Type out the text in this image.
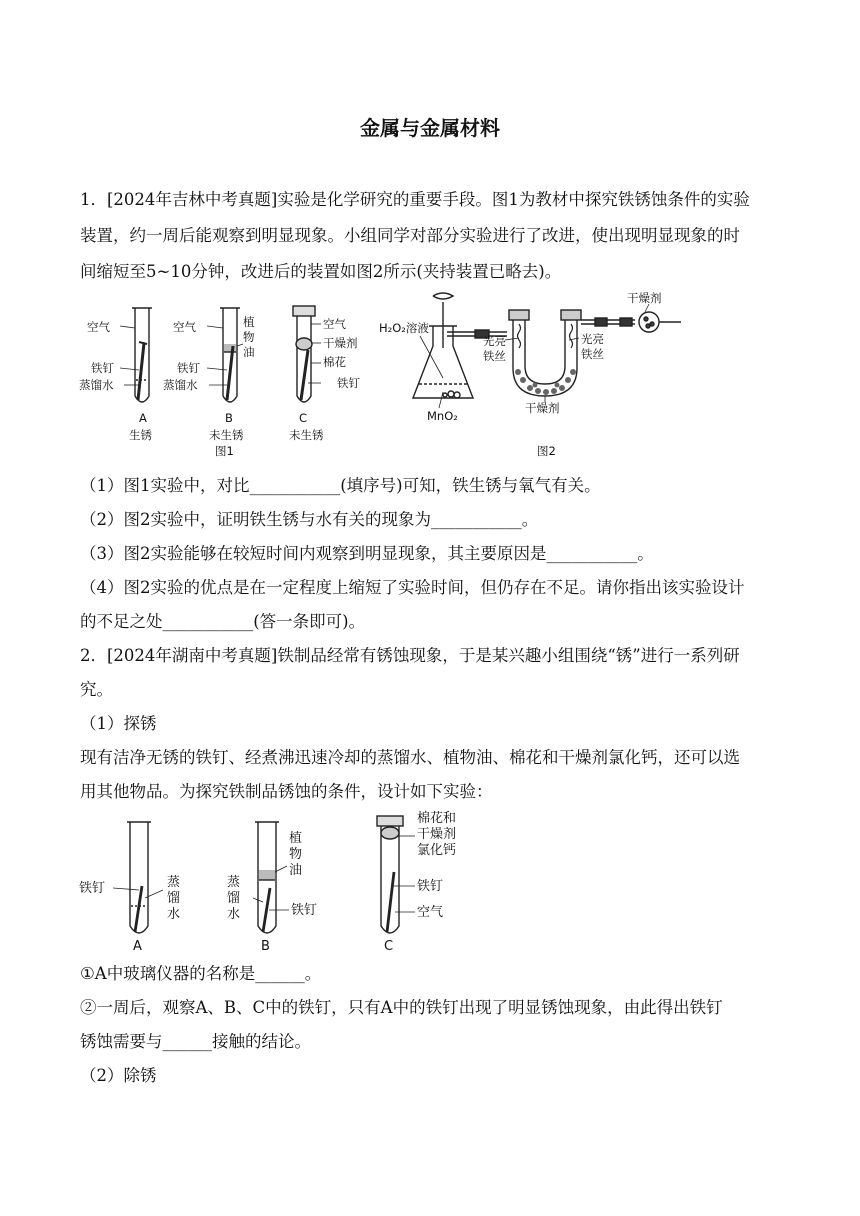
金属与金属材料
1．[2024年吉林中考真题]实验是化学研究的重要手段。图1为教材中探究铁锈蚀条件的实验
装置，约一周后能观察到明显现象。小组同学对部分实验进行了改进，使出现明显现象的时
间缩短至5~10分钟，改进后的装置如图2所示(夹持装置已略去)。
空气
铁钉
蒸馏水
A
生锈
空气	植
物
油
铁钉
蒸馏水
B
未生锈
图1
空气
干燥剂
棉花
铁钉
C
未生锈
H₂O₂溶液
MnO₂
光亮
铁丝
光亮
铁丝
干燥剂
干燥剂
图2
（1）图1实验中，对比___________(填序号)可知，铁生锈与氧气有关。
（2）图2实验中，证明铁生锈与水有关的现象为___________。
（3）图2实验能够在较短时间内观察到明显现象，其主要原因是___________。
（4）图2实验的优点是在一定程度上缩短了实验时间，但仍存在不足。请你指出该实验设计
的不足之处___________(答一条即可)。
2．[2024年湖南中考真题]铁制品经常有锈蚀现象，于是某兴趣小组围绕“锈”进行一系列研
究。
（1）探锈
现有洁净无锈的铁钉、经煮沸迅速冷却的蒸馏水、植物油、棉花和干燥剂氯化钙，还可以选
用其他物品。为探究铁制品锈蚀的条件，设计如下实验：
铁钉	蒸
馏
水
A
植
物
油
蒸
馏
水	铁钉
B
棉花和
干燥剂
氯化钙
铁钉
空气
C
①A中玻璃仪器的名称是______。
②一周后，观察A、B、C中的铁钉，只有A中的铁钉出现了明显锈蚀现象，由此得出铁钉
锈蚀需要与______接触的结论。
（2）除锈
